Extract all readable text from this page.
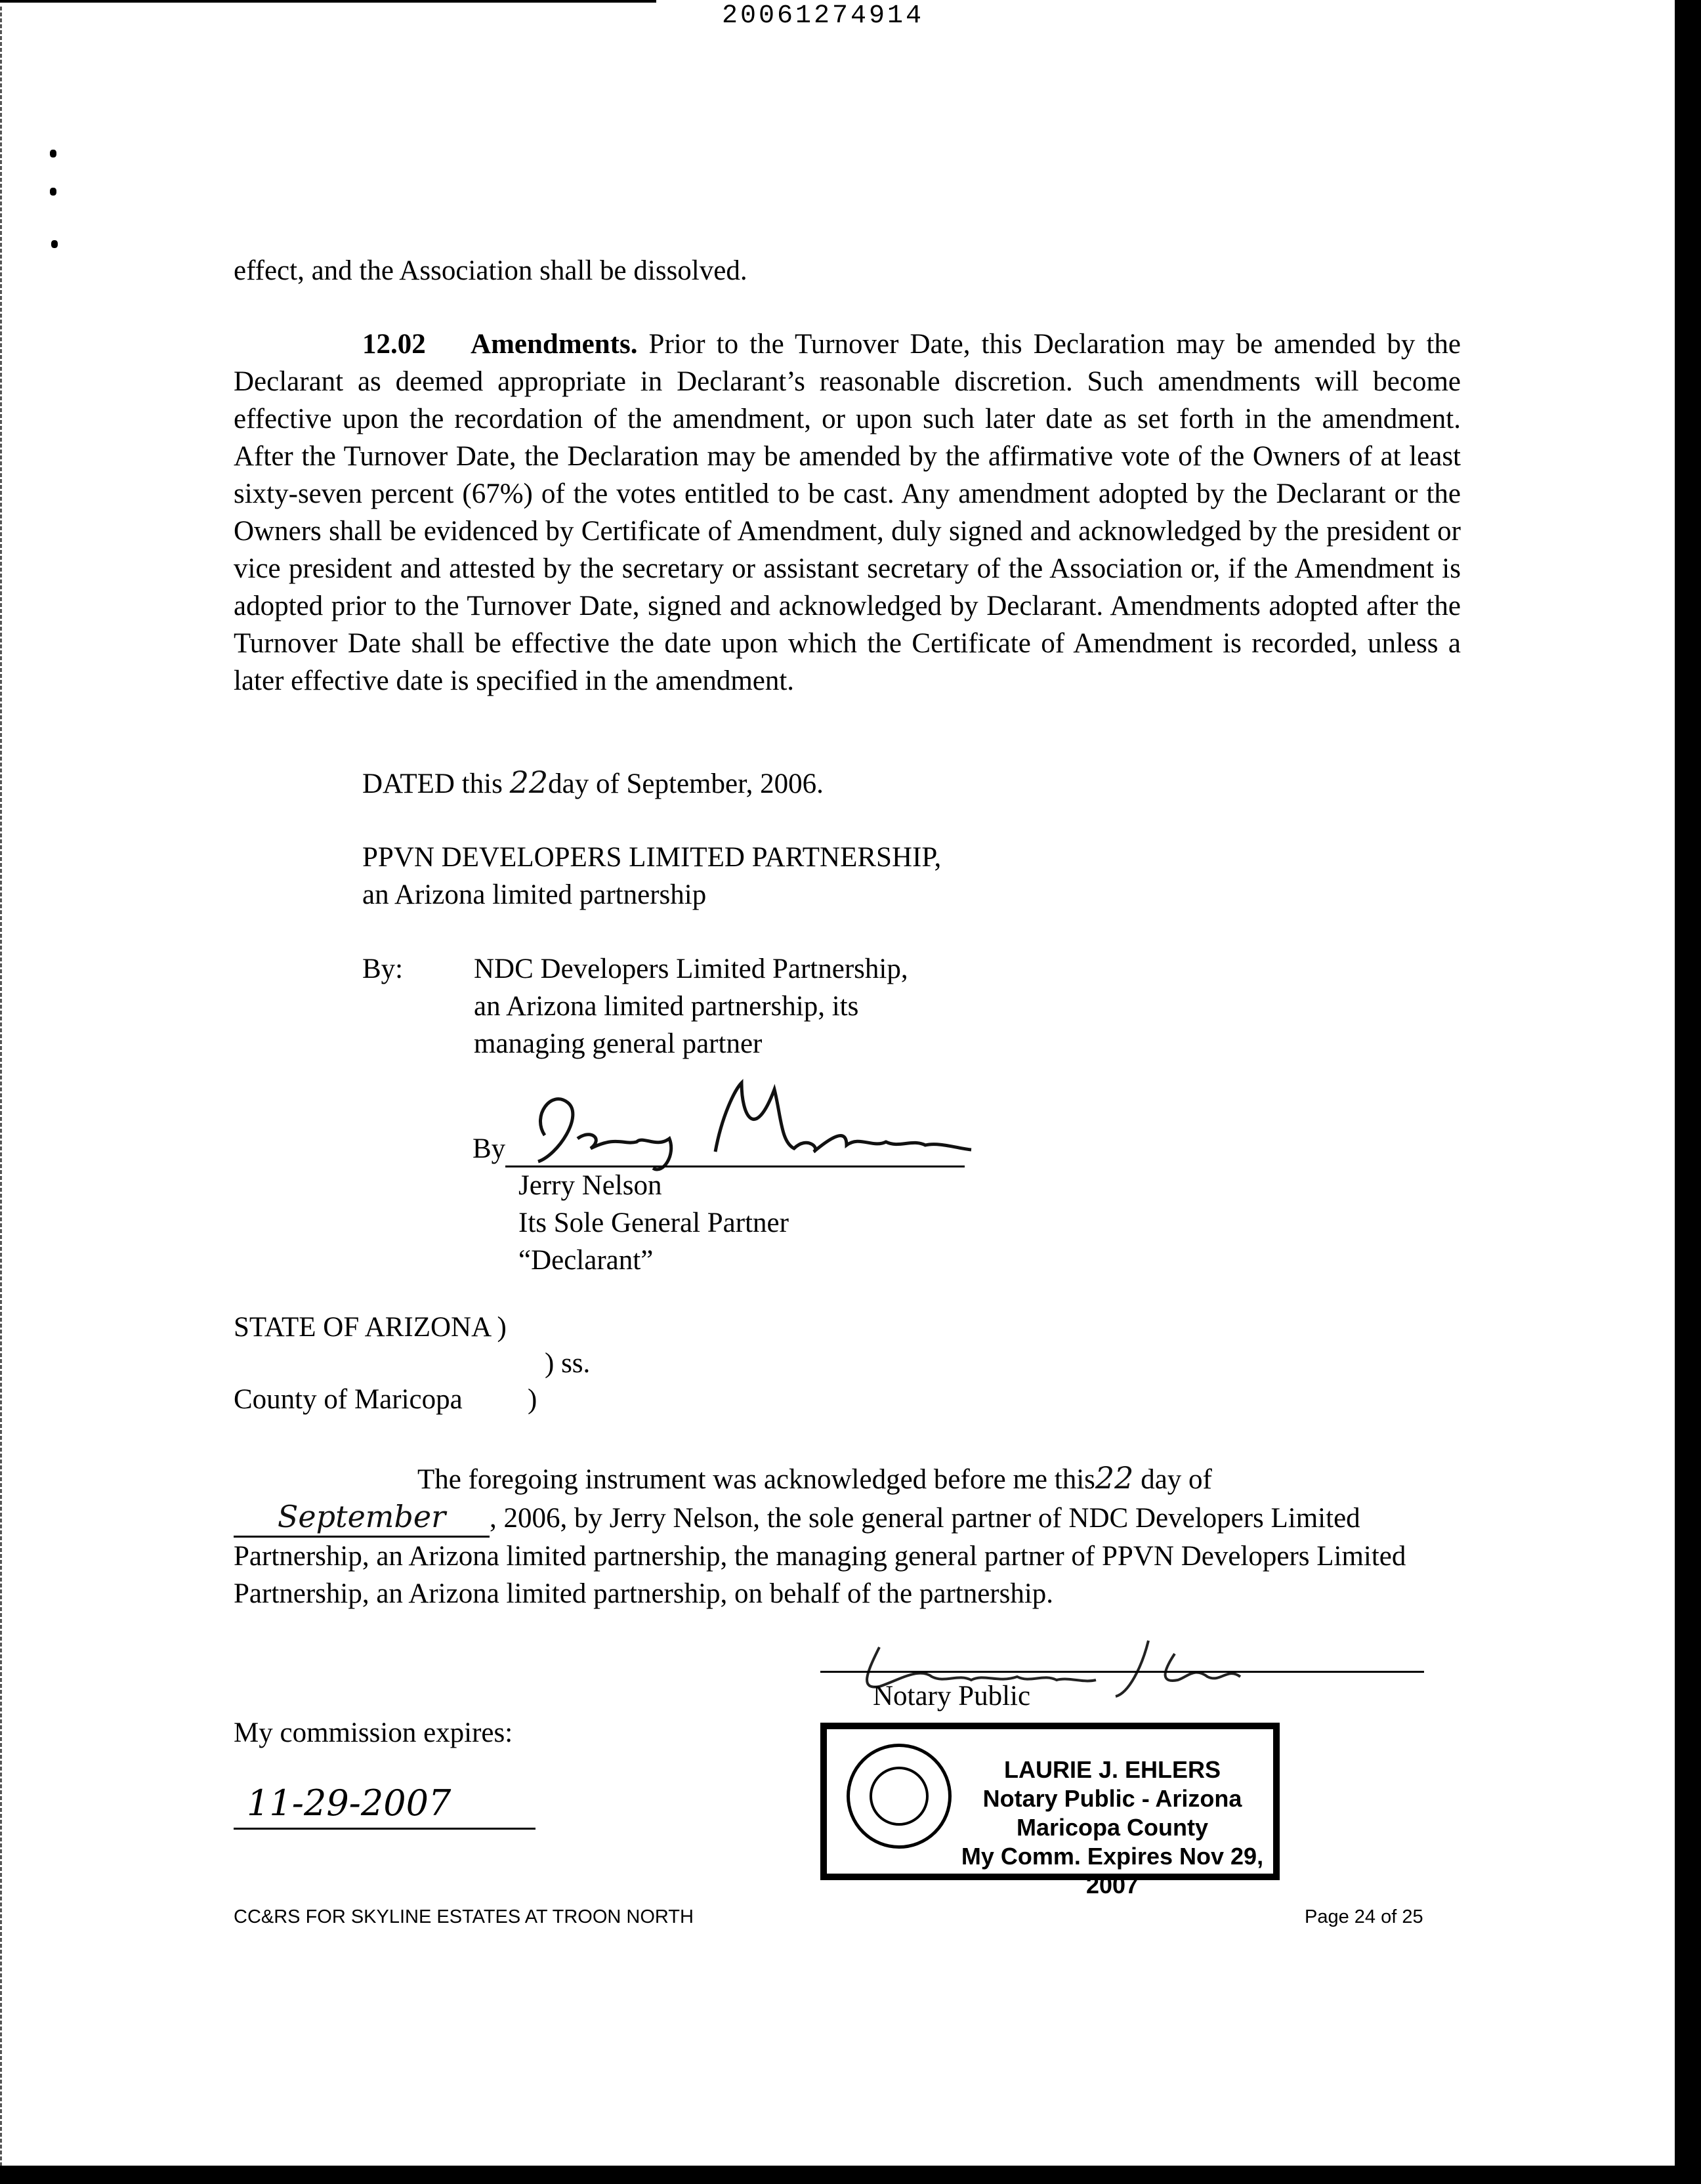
20061274914

effect, and the Association shall be dissolved.

12.02 Amendments. Prior to the Turnover Date, this Declaration may be amended by the Declarant as deemed appropriate in Declarant’s reasonable discretion. Such amendments will become effective upon the recordation of the amendment, or upon such later date as set forth in the amendment. After the Turnover Date, the Declaration may be amended by the affirmative vote of the Owners of at least sixty-seven percent (67%) of the votes entitled to be cast. Any amendment adopted by the Declarant or the Owners shall be evidenced by Certificate of Amendment, duly signed and acknowledged by the president or vice president and attested by the secretary or assistant secretary of the Association or, if the Amendment is adopted prior to the Turnover Date, signed and acknowledged by Declarant. Amendments adopted after the Turnover Date shall be effective the date upon which the Certificate of Amendment is recorded, unless a later effective date is specified in the amendment.

DATED this 22day of September, 2006.
PPVN DEVELOPERS LIMITED PARTNERSHIP,
an Arizona limited partnership
By:	NDC Developers Limited Partnership,
an Arizona limited partnership, its
managing general partner
By
Jerry Nelson
Its Sole General Partner
“Declarant”
STATE OF ARIZONA )
) ss.
County of Maricopa )

The foregoing instrument was acknowledged before me this22 day of
September , 2006, by Jerry Nelson, the sole general partner of NDC Developers Limited Partnership, an Arizona limited partnership, the managing general partner of PPVN Developers Limited Partnership, an Arizona limited partnership, on behalf of the partnership.

Notary Public
My commission expires:
11-29-2007
LAURIE J. EHLERS
Notary Public - Arizona
Maricopa County
My Comm. Expires Nov 29, 2007
CC&RS FOR SKYLINE ESTATES AT TROON NORTH	Page 24 of 25
